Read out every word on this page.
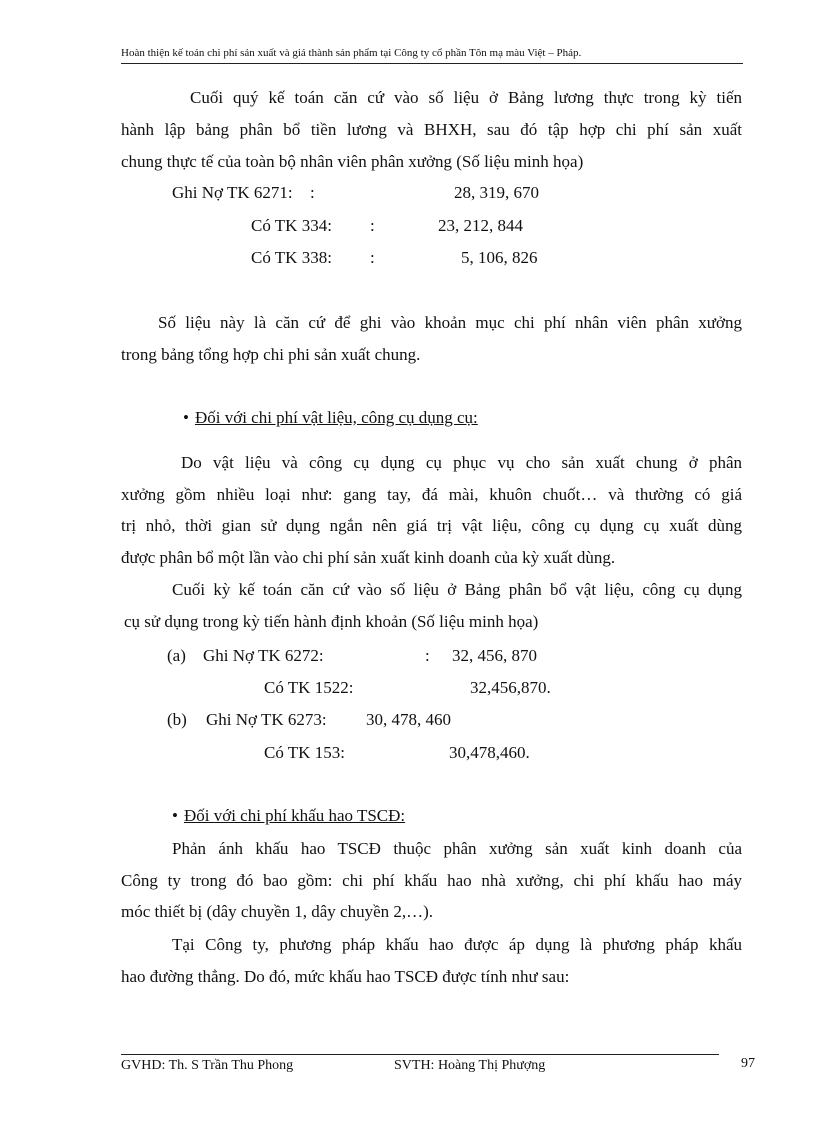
Hoàn thiện kế toán chi phí sản xuất và giá thành sản phẩm tại Công ty cổ phần Tôn mạ màu Việt – Pháp.
Cuối quý kế toán căn cứ vào số liệu ở Bảng lương thực trong kỳ tiến
hành lập bảng phân bổ tiền lương và BHXH, sau đó tập hợp chi phí sản xuất
chung thực tế của toàn bộ nhân viên phân xưởng (Số liệu minh họa)
Ghi Nợ TK 6271: :	28, 319, 670
Có TK 334: :	23, 212, 844
Có TK 338: :	5, 106, 826
Số liệu này là căn cứ để ghi vào khoản mục chi phí nhân viên phân xưởng
trong bảng tổng hợp chi phi sản xuất chung.
• Đối với chi phí vật liệu, công cụ dụng cụ:
Do vật liệu và công cụ dụng cụ phục vụ cho sản xuất chung ở phân
xưởng gồm nhiều loại như: gang tay, đá mài, khuôn chuốt… và thường có giá
trị nhỏ, thời gian sử dụng ngắn nên giá trị vật liệu, công cụ dụng cụ xuất dùng
được phân bổ một lần vào chi phí sản xuất kinh doanh của kỳ xuất dùng.
Cuối kỳ kế toán căn cứ vào số liệu ở Bảng phân bổ vật liệu, công cụ dụng
cụ sử dụng trong kỳ tiến hành định khoản (Số liệu minh họa)
(a) Ghi Nợ TK 6272:	: 32, 456, 870
Có TK 1522:	32,456,870.
(b) Ghi Nợ TK 6273: 30, 478, 460
Có TK 153:	30,478,460.
• Đối với chi phí khấu hao TSCĐ:
Phản ánh khấu hao TSCĐ thuộc phân xưởng sản xuất kinh doanh của
Công ty trong đó bao gồm: chi phí khấu hao nhà xưởng, chi phí khấu hao máy
móc thiết bị (dây chuyền 1, dây chuyền 2,…).
Tại Công ty, phương pháp khấu hao được áp dụng là phương pháp khấu
hao đường thẳng. Do đó, mức khấu hao TSCĐ được tính như sau:
GVHD: Th. S Trần Thu Phong	SVTH: Hoàng Thị Phượng	97
